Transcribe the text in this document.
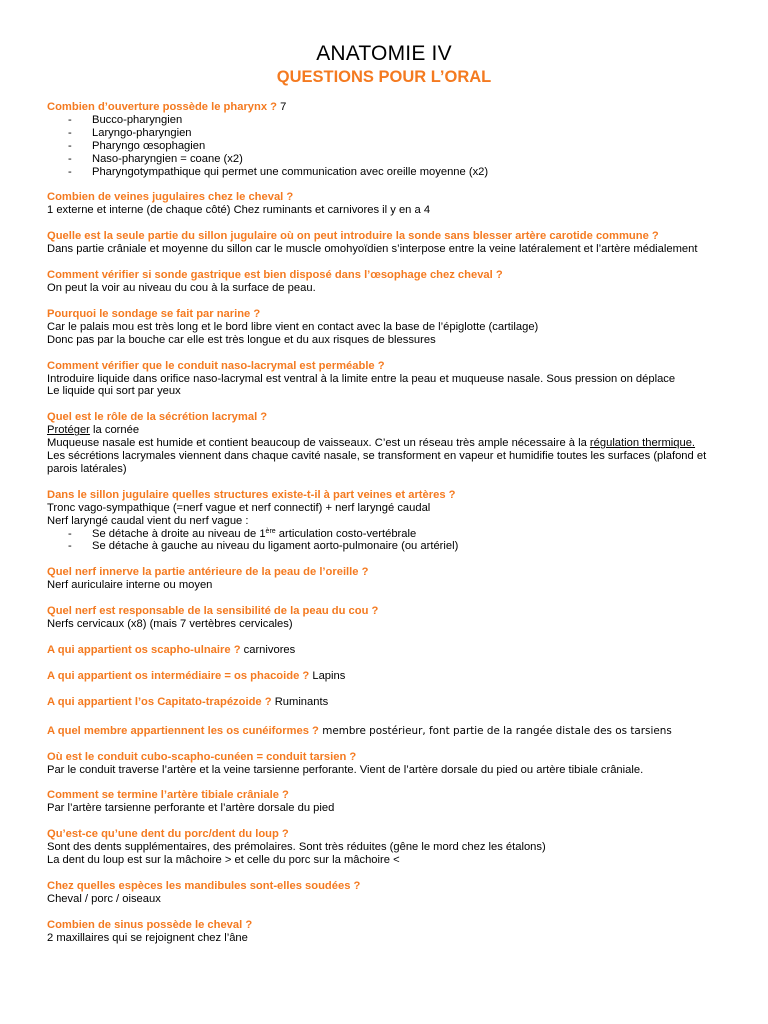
ANATOMIE IV
QUESTIONS POUR L’ORAL
Combien d’ouverture possède le pharynx ? 7
- Bucco-pharyngien
- Laryngo-pharyngien
- Pharyngo œsophagien
- Naso-pharyngien = coane (x2)
- Pharyngotympathique qui permet une communication avec oreille moyenne (x2)
Combien de veines jugulaires chez le cheval ?
1 externe et interne (de chaque côté) Chez ruminants et carnivores il y en a 4
Quelle est la seule partie du sillon jugulaire où on peut introduire la sonde sans blesser artère carotide commune ?
Dans partie crâniale et moyenne du sillon car le muscle omohyoïdien s’interpose entre la veine latéralement et l’artère médialement
Comment vérifier si sonde gastrique est bien disposé dans l’œsophage chez cheval ?
On peut la voir au niveau du cou à la surface de peau.
Pourquoi le sondage se fait par narine ?
Car le palais mou est très long et le bord libre vient en contact avec la base de l’épiglotte (cartilage)
Donc pas par la bouche car elle est très longue et du aux risques de blessures
Comment vérifier que le conduit naso-lacrymal est perméable ?
Introduire liquide dans orifice naso-lacrymal est ventral à la limite entre la peau et muqueuse nasale. Sous pression on déplace
Le liquide qui sort par yeux
Quel est le rôle de la sécrétion lacrymal ?
Protéger la cornée
Muqueuse nasale est humide et contient beaucoup de vaisseaux. C’est un réseau très ample nécessaire à la régulation thermique.
Les sécrétions lacrymales viennent dans chaque cavité nasale, se transforment en vapeur et humidifie toutes les surfaces (plafond et parois latérales)
Dans le sillon jugulaire quelles structures existe-t-il à part veines et artères ?
Tronc vago-sympathique (=nerf vague et nerf connectif) + nerf laryngé caudal
Nerf laryngé caudal vient du nerf vague :
- Se détache à droite au niveau de 1ère articulation costo-vertébrale
- Se détache à gauche au niveau du ligament aorto-pulmonaire (ou artériel)
Quel nerf innerve la partie antérieure de la peau de l’oreille ?
Nerf auriculaire interne ou moyen
Quel nerf est responsable de la sensibilité de la peau du cou ?
Nerfs cervicaux (x8) (mais 7 vertèbres cervicales)
A qui appartient os scapho-ulnaire ? carnivores
A qui appartient os intermédiaire = os phacoide ? Lapins
A qui appartient l’os Capitato-trapézoide ? Ruminants
A quel membre appartiennent les os cunéiformes ? membre postérieur, font partie de la rangée distale des os tarsiens
Où est le conduit cubo-scapho-cunéen = conduit tarsien ?
Par le conduit traverse l’artère et la veine tarsienne perforante. Vient de l’artère dorsale du pied ou artère tibiale crâniale.
Comment se termine l’artère tibiale crâniale ?
Par l’artère tarsienne perforante et l’artère dorsale du pied
Qu’est-ce qu’une dent du porc/dent du loup ?
Sont des dents supplémentaires, des prémolaires. Sont très réduites (gêne le mord chez les étalons)
La dent du loup est sur la mâchoire > et celle du porc sur la mâchoire <
Chez quelles espèces les mandibules sont-elles soudées ?
Cheval / porc / oiseaux
Combien de sinus possède le cheval ?
2 maxillaires qui se rejoignent chez l’âne
